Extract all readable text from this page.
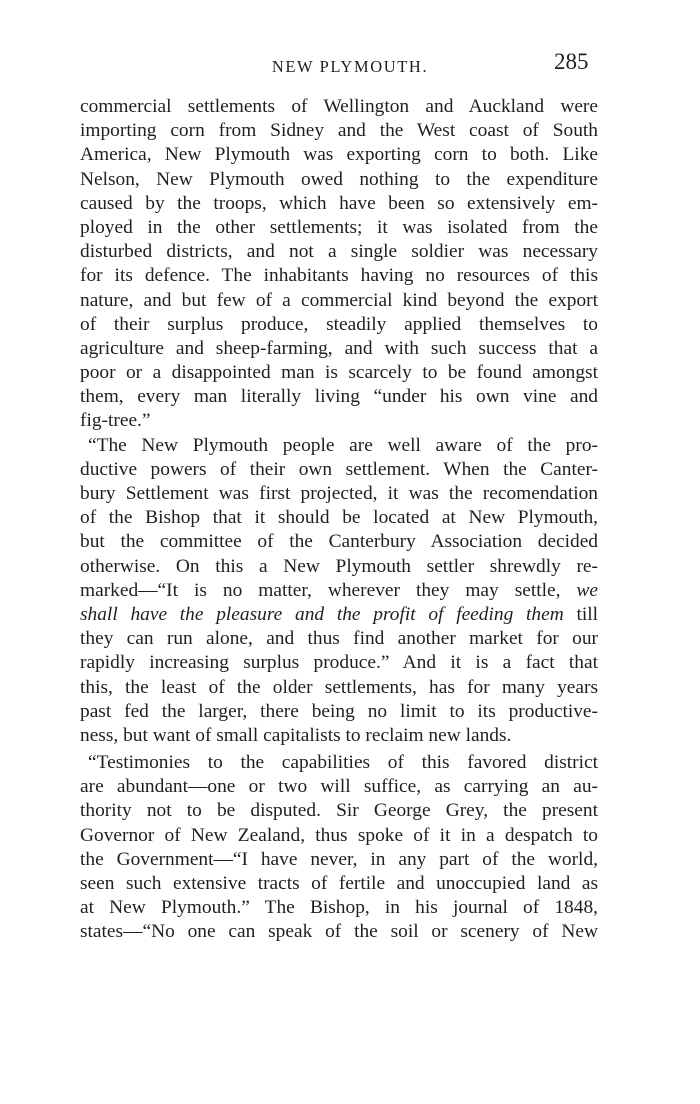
NEW PLYMOUTH.	285
commercial settlements of Wellington and Auckland were
importing corn from Sidney and the West coast of South
America, New Plymouth was exporting corn to both. Like
Nelson, New Plymouth owed nothing to the expenditure
caused by the troops, which have been so extensively em-
ployed in the other settlements; it was isolated from the
disturbed districts, and not a single soldier was necessary
for its defence. The inhabitants having no resources of this
nature, and but few of a commercial kind beyond the export
of their surplus produce, steadily applied themselves to
agriculture and sheep-farming, and with such success that a
poor or a disappointed man is scarcely to be found amongst
them, every man literally living “under his own vine and
fig-tree.”
“The New Plymouth people are well aware of the pro-
ductive powers of their own settlement. When the Canter-
bury Settlement was first projected, it was the recomendation
of the Bishop that it should be located at New Plymouth,
but the committee of the Canterbury Association decided
otherwise. On this a New Plymouth settler shrewdly re-
marked—“It is no matter, wherever they may settle, we
shall have the pleasure and the profit of feeding them till
they can run alone, and thus find another market for our
rapidly increasing surplus produce.” And it is a fact that
this, the least of the older settlements, has for many years
past fed the larger, there being no limit to its productive-
ness, but want of small capitalists to reclaim new lands.
“Testimonies to the capabilities of this favored district
are abundant—one or two will suffice, as carrying an au-
thority not to be disputed. Sir George Grey, the present
Governor of New Zealand, thus spoke of it in a despatch to
the Government—“I have never, in any part of the world,
seen such extensive tracts of fertile and unoccupied land as
at New Plymouth.” The Bishop, in his journal of 1848,
states—“No one can speak of the soil or scenery of New
